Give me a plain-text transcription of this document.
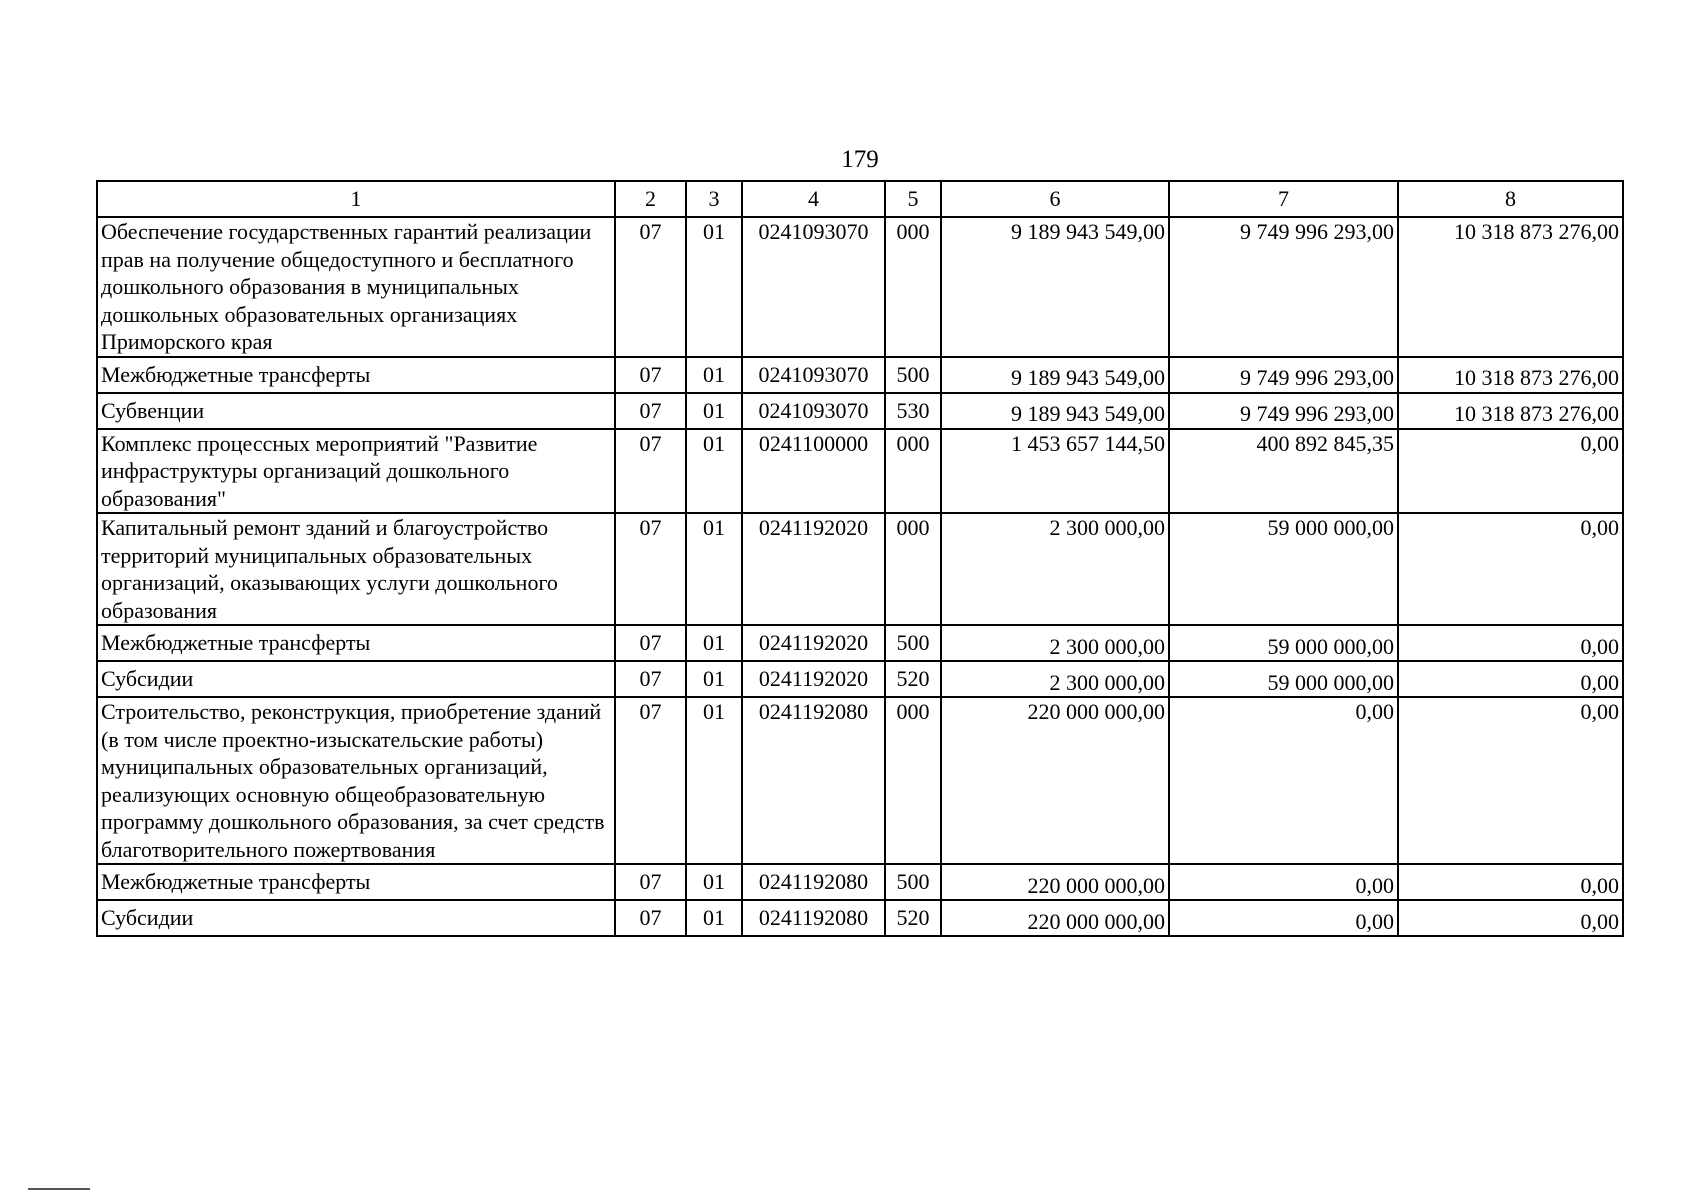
179
1	2	3	4	5	6	7	8
Обеспечение государственных гарантий реализации прав на получение общедоступного и бесплатного дошкольного образования в муниципальных дошкольных образовательных организациях Приморского края	07	01	0241093070	000	9 189 943 549,00	9 749 996 293,00	10 318 873 276,00
Межбюджетные трансферты	07	01	0241093070	500	9 189 943 549,00	9 749 996 293,00	10 318 873 276,00
Субвенции	07	01	0241093070	530	9 189 943 549,00	9 749 996 293,00	10 318 873 276,00
Комплекс процессных мероприятий "Развитие инфраструктуры организаций дошкольного образования"	07	01	0241100000	000	1 453 657 144,50	400 892 845,35	0,00
Капитальный ремонт зданий и благоустройство территорий муниципальных образовательных организаций, оказывающих услуги дошкольного образования	07	01	0241192020	000	2 300 000,00	59 000 000,00	0,00
Межбюджетные трансферты	07	01	0241192020	500	2 300 000,00	59 000 000,00	0,00
Субсидии	07	01	0241192020	520	2 300 000,00	59 000 000,00	0,00
Строительство, реконструкция, приобретение зданий (в том числе проектно-изыскательские работы) муниципальных образовательных организаций, реализующих основную общеобразовательную программу дошкольного образования, за счет средств благотворительного пожертвования	07	01	0241192080	000	220 000 000,00	0,00	0,00
Межбюджетные трансферты	07	01	0241192080	500	220 000 000,00	0,00	0,00
Субсидии	07	01	0241192080	520	220 000 000,00	0,00	0,00
